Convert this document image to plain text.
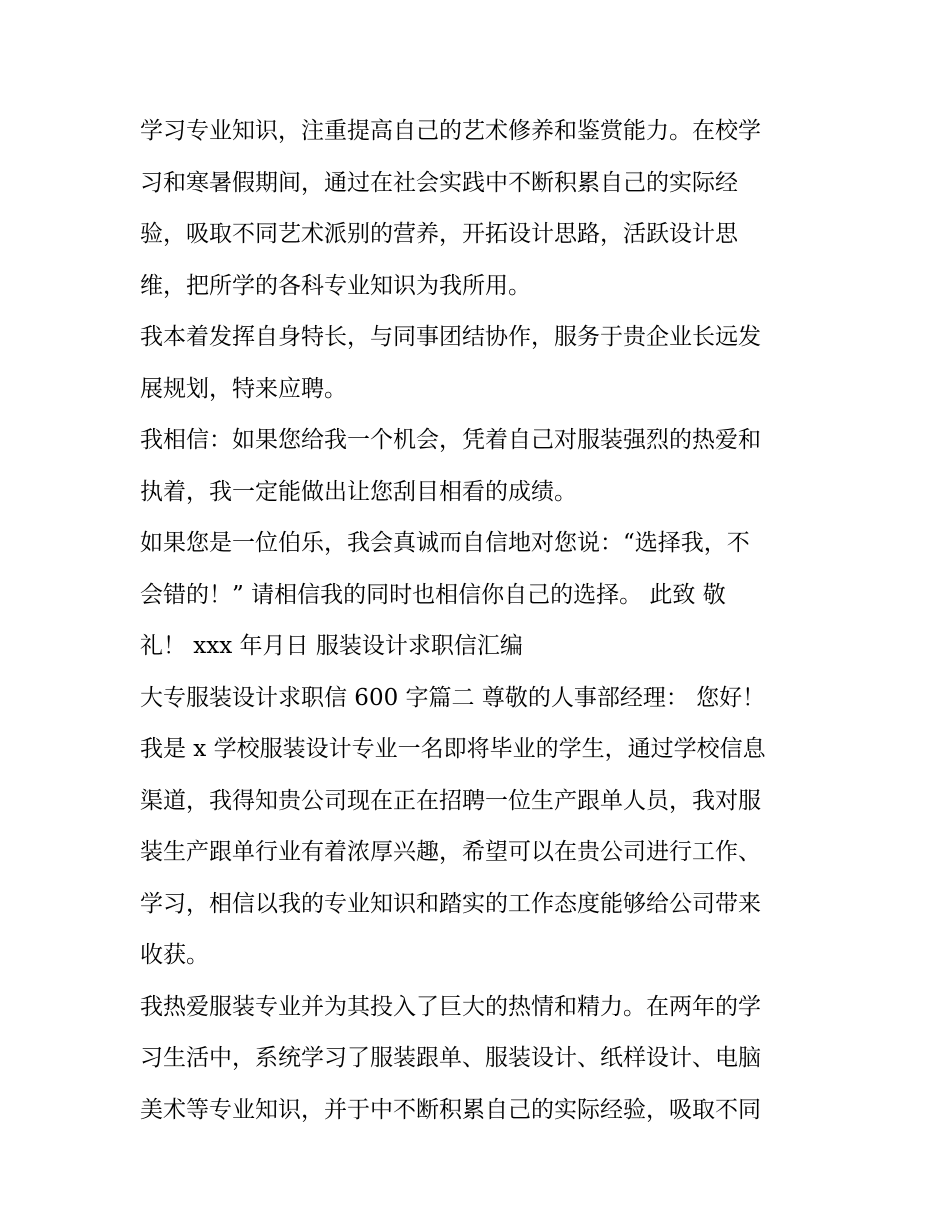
学习专业知识，注重提高自己的艺术修养和鉴赏能力。在校学
习和寒暑假期间，通过在社会实践中不断积累自己的实际经
验，吸取不同艺术派别的营养，开拓设计思路，活跃设计思
维，把所学的各科专业知识为我所用。
我本着发挥自身特长，与同事团结协作，服务于贵企业长远发
展规划，特来应聘。
我相信：如果您给我一个机会，凭着自己对服装强烈的热爱和
执着，我一定能做出让您刮目相看的成绩。
如果您是一位伯乐，我会真诚而自信地对您说：“选择我，不
会错的！” 请相信我的同时也相信你自己的选择。 此致 敬
礼！ xxx 年月日 服装设计求职信汇编
大专服装设计求职信 600 字篇二 尊敬的人事部经理： 您好！
我是 x 学校服装设计专业一名即将毕业的学生，通过学校信息
渠道，我得知贵公司现在正在招聘一位生产跟单人员，我对服
装生产跟单行业有着浓厚兴趣，希望可以在贵公司进行工作、
学习，相信以我的专业知识和踏实的工作态度能够给公司带来
收获。
我热爱服装专业并为其投入了巨大的热情和精力。在两年的学
习生活中，系统学习了服装跟单、服装设计、纸样设计、电脑
美术等专业知识，并于中不断积累自己的实际经验，吸取不同
